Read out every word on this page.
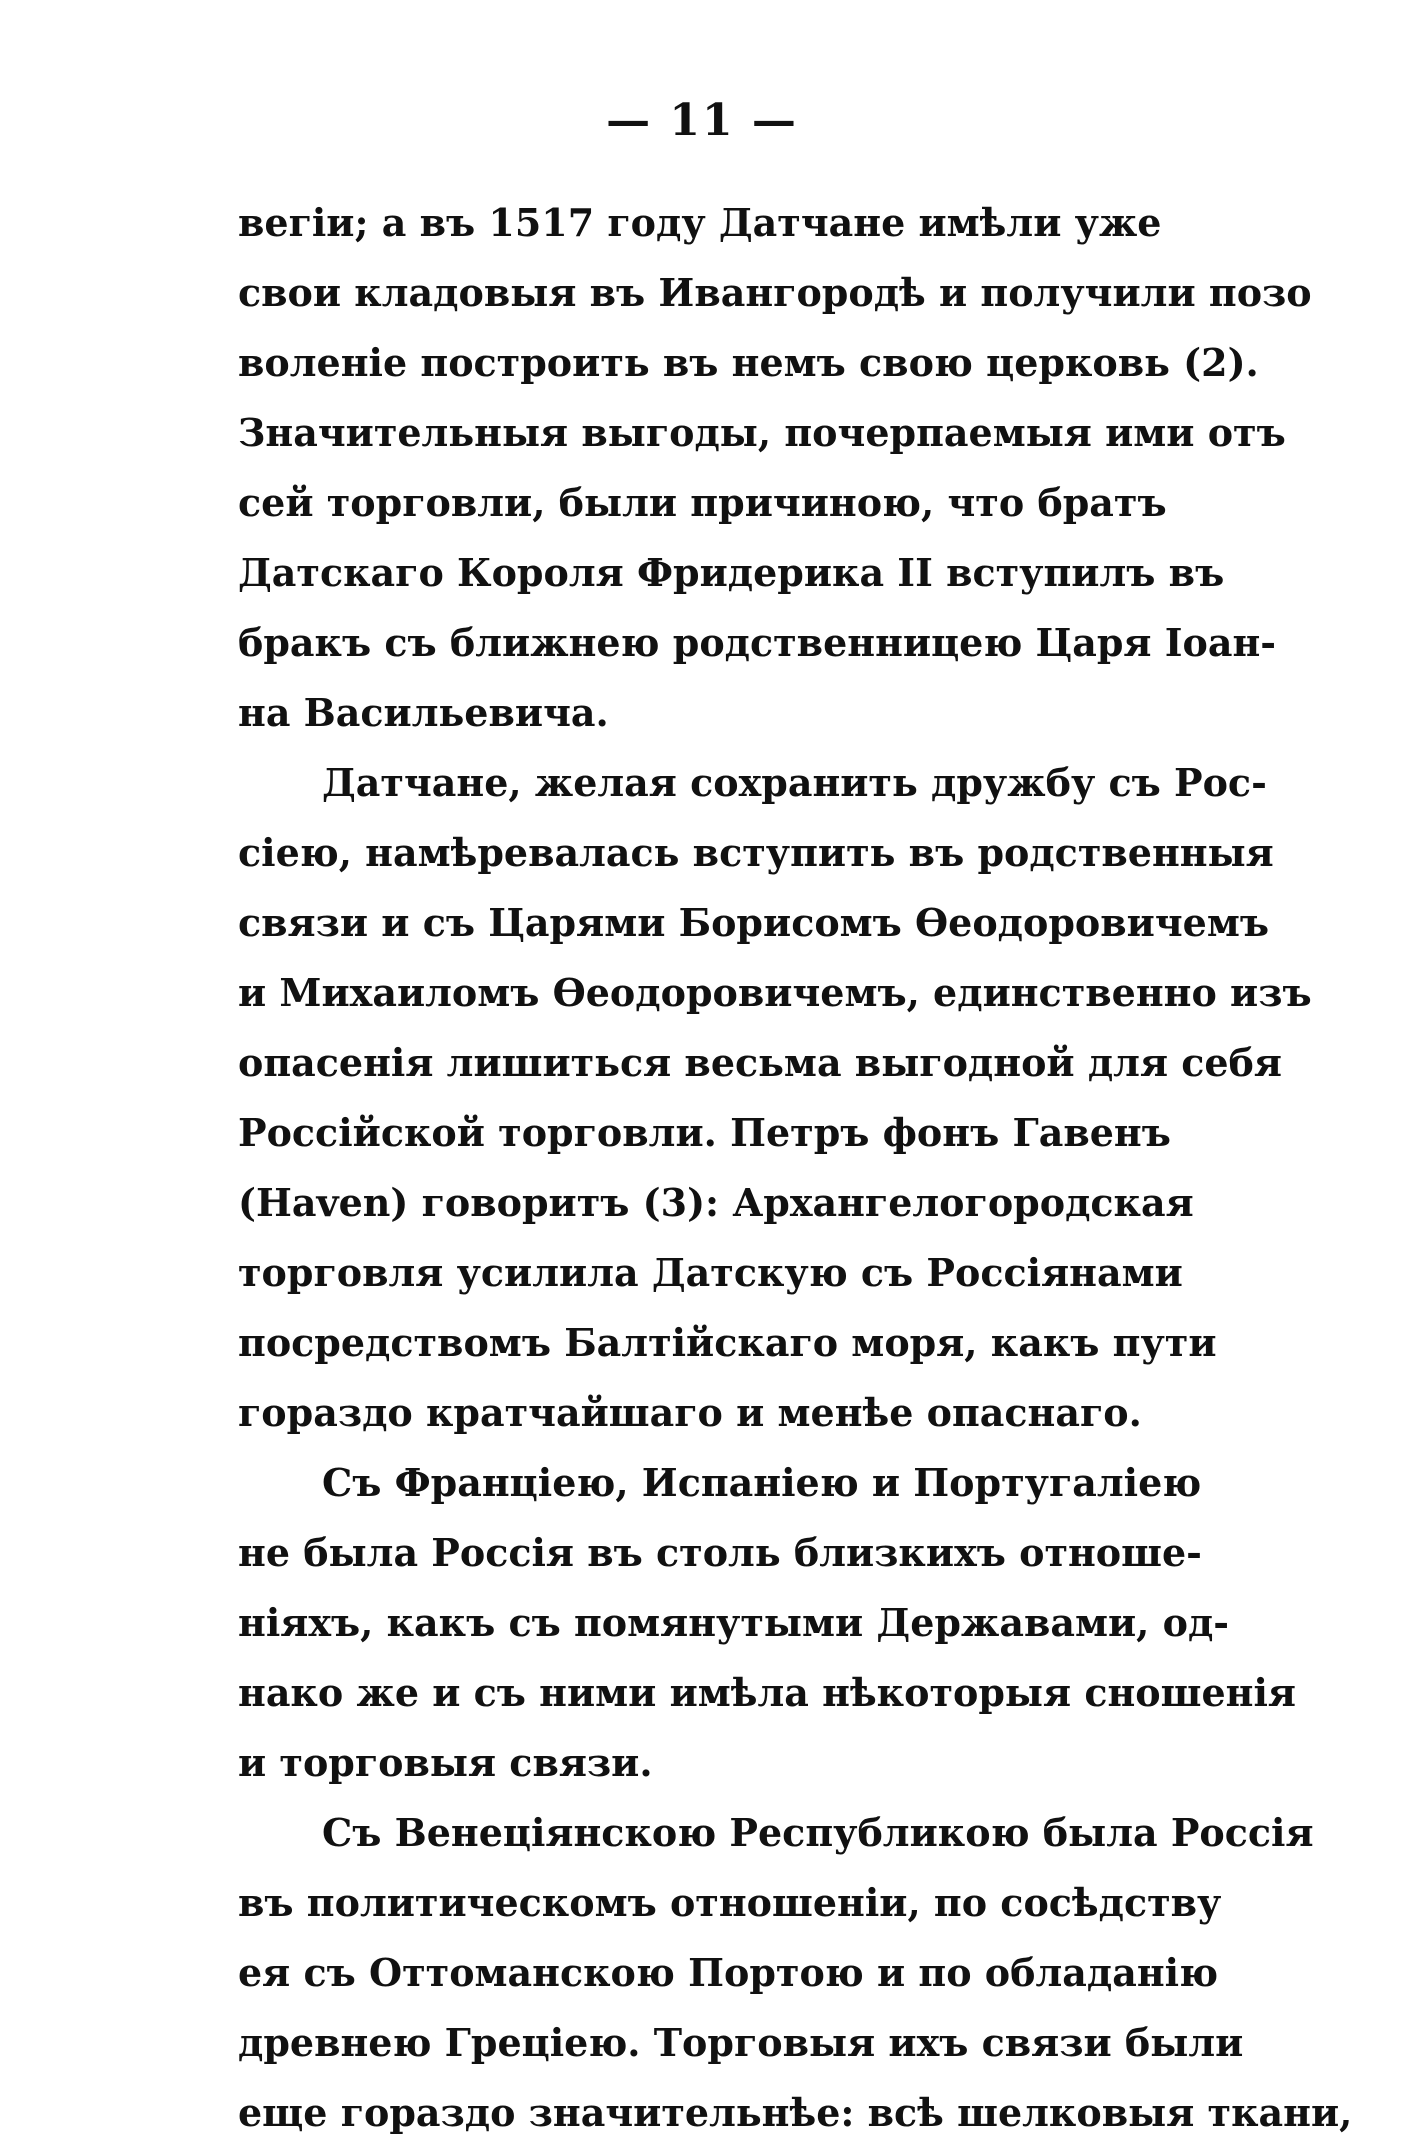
— 11 —
вегіи; а въ 1517 году Датчане имѣли уже
свои кладовыя въ Ивангородѣ и получили позо
воленіе построить въ немъ свою церковь (2).
Значительныя выгоды, почерпаемыя ими отъ
сей торговли, были причиною, что братъ
Датскаго Короля Фридерика II вступилъ въ
бракъ съ ближнею родственницею Царя Іоан-
на Васильевича.
Датчане, желая сохранить дружбу съ Рос-
сіею, намѣревалась вступить въ родственныя
связи и съ Царями Борисомъ Ѳеодоровичемъ
и Михаиломъ Ѳеодоровичемъ, единственно изъ
опасенія лишиться весьма выгодной для себя
Россійской торговли. Петръ фонъ Гавенъ
(Haven) говоритъ (3): Архангелогородская
торговля усилила Датскую съ Россіянами
посредствомъ Балтійскаго моря, какъ пути
гораздо кратчайшаго и менѣе опаснаго.
Съ Франціею, Испаніею и Португаліею
не была Россія въ столь близкихъ отноше-
ніяхъ, какъ съ помянутыми Державами, од-
нако же и съ ними имѣла нѣкоторыя сношенія
и торговыя связи.
Съ Венеціянскою Республикою была Россія
въ политическомъ отношеніи, по сосѣдству
ея съ Оттоманскою Портою и по обладанію
древнею Греціею. Торговыя ихъ связи были
еще гораздо значительнѣе: всѣ шелковыя ткани,
